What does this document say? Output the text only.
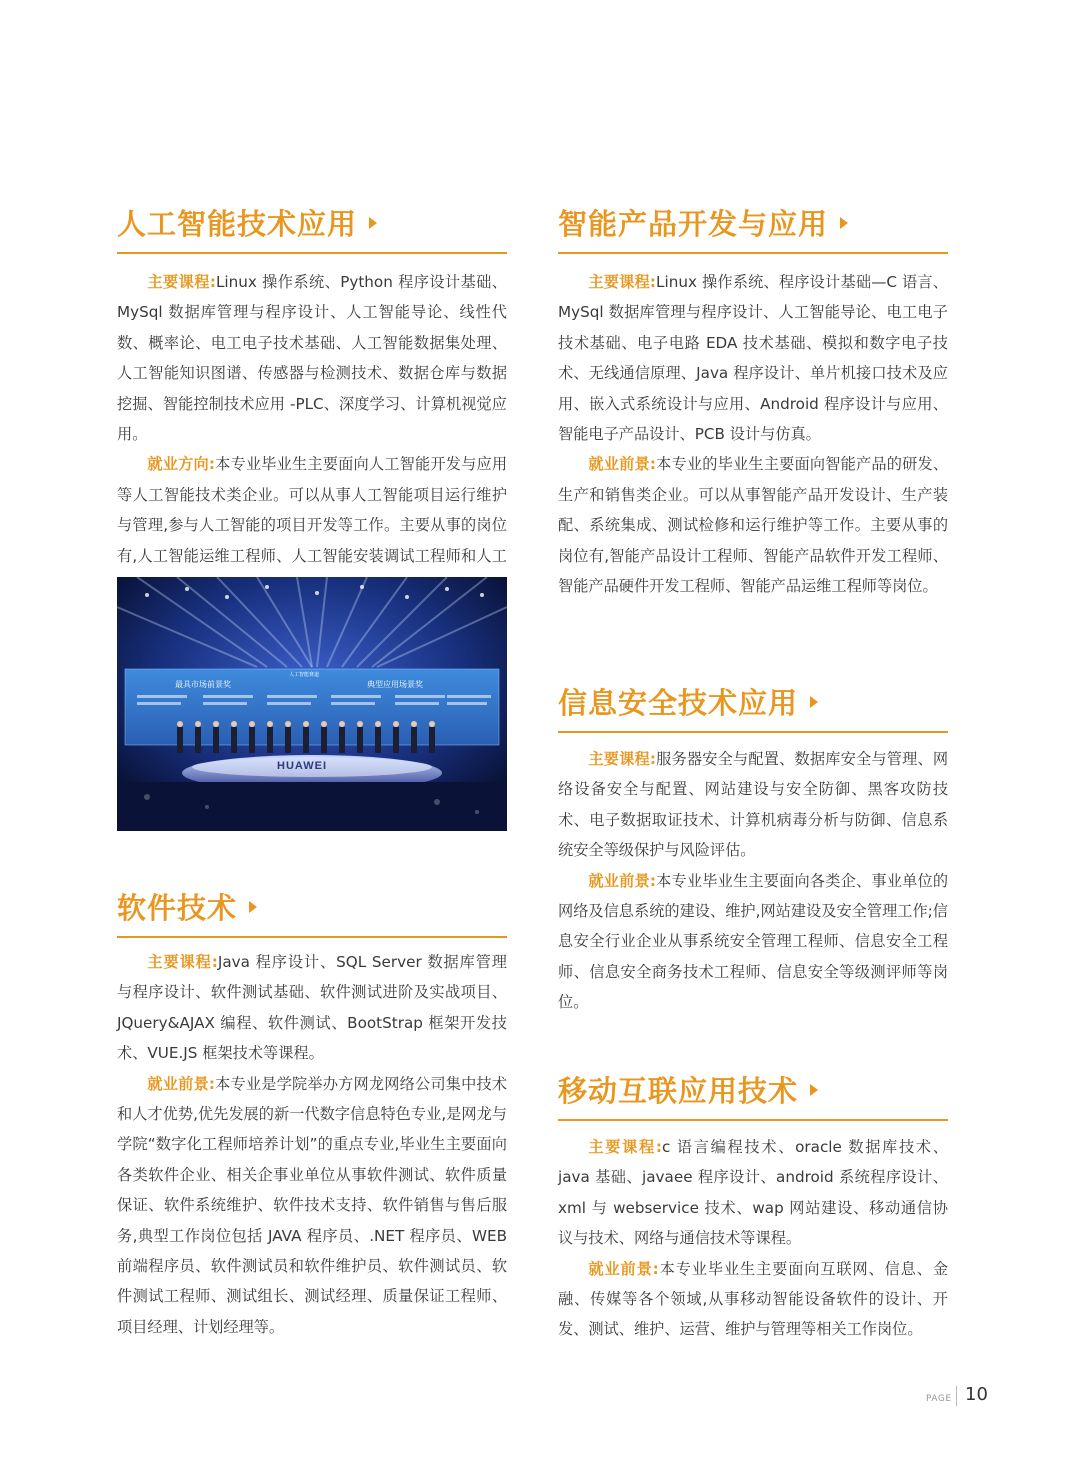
人工智能技术应用

主要课程:Linux 操作系统、Python 程序设计基础、MySql 数据库管理与程序设计、人工智能导论、线性代数、概率论、电工电子技术基础、人工智能数据集处理、人工智能知识图谱、传感器与检测技术、数据仓库与数据挖掘、智能控制技术应用 -PLC、深度学习、计算机视觉应用。

就业方向:本专业毕业生主要面向人工智能开发与应用等人工智能技术类企业。可以从事人工智能项目运行维护与管理,参与人工智能的项目开发等工作。主要从事的岗位有,人工智能运维工程师、人工智能安装调试工程师和人工

最具市场前景奖	典型应用场景奖
人工智能赛道
HUAWEI
软件技术

主要课程:Java 程序设计、SQL Server 数据库管理与程序设计、软件测试基础、软件测试进阶及实战项目、JQuery&AJAX 编程、软件测试、BootStrap 框架开发技术、VUE.JS 框架技术等课程。

就业前景:本专业是学院举办方网龙网络公司集中技术和人才优势,优先发展的新一代数字信息特色专业,是网龙与学院“数字化工程师培养计划”的重点专业,毕业生主要面向各类软件企业、相关企事业单位从事软件测试、软件质量保证、软件系统维护、软件技术支持、软件销售与售后服务,典型工作岗位包括 JAVA 程序员、.NET 程序员、WEB 前端程序员、软件测试员和软件维护员、软件测试员、软件测试工程师、测试组长、测试经理、质量保证工程师、项目经理、计划经理等。

智能产品开发与应用

主要课程:Linux 操作系统、程序设计基础—C 语言、MySql 数据库管理与程序设计、人工智能导论、电工电子技术基础、电子电路 EDA 技术基础、模拟和数字电子技术、无线通信原理、Java 程序设计、单片机接口技术及应用、嵌入式系统设计与应用、Android 程序设计与应用、智能电子产品设计、PCB 设计与仿真。

就业前景:本专业的毕业生主要面向智能产品的研发、生产和销售类企业。可以从事智能产品开发设计、生产装配、系统集成、测试检修和运行维护等工作。主要从事的岗位有,智能产品设计工程师、智能产品软件开发工程师、智能产品硬件开发工程师、智能产品运维工程师等岗位。

信息安全技术应用

主要课程:服务器安全与配置、数据库安全与管理、网络设备安全与配置、网站建设与安全防御、黑客攻防技术、电子数据取证技术、计算机病毒分析与防御、信息系统安全等级保护与风险评估。

就业前景:本专业毕业生主要面向各类企、事业单位的网络及信息系统的建设、维护,网站建设及安全管理工作;信息安全行业企业从事系统安全管理工程师、信息安全工程师、信息安全商务技术工程师、信息安全等级测评师等岗位。

移动互联应用技术

主要课程:c 语言编程技术、oracle 数据库技术、java 基础、javaee 程序设计、android 系统程序设计、xml 与 webservice 技术、wap 网站建设、移动通信协议与技术、网络与通信技术等课程。

就业前景:本专业毕业生主要面向互联网、信息、金融、传媒等各个领域,从事移动智能设备软件的设计、开发、测试、维护、运营、维护与管理等相关工作岗位。

PAGE 10
